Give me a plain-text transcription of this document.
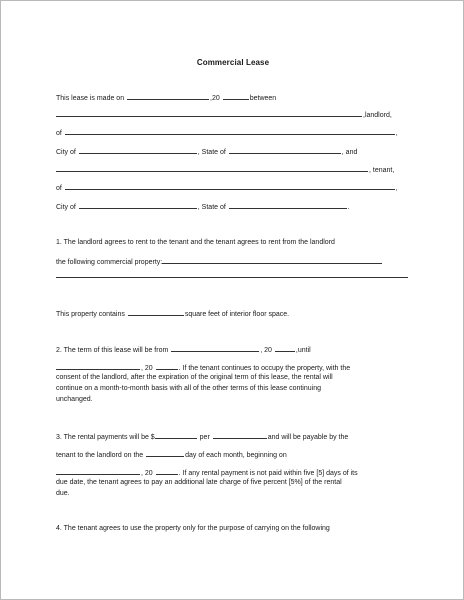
Commercial Lease
This lease is made on	,20	between
,landlord,
of	,
City of	, State of	, and
, tenant,
of	,
City of	, State of	.
1. The landlord agrees to rent to the tenant and the tenant agrees to rent from the landlord
the following commercial property:
This property contains	square feet of interior floor space.
2. The term of this lease will be from	, 20	,until
, 20	. If the tenant continues to occupy the property, with the
consent of the landlord, after the expiration of the original term of this lease, the rental will
continue on a month-to-month basis with all of the other terms of this lease continuing
unchanged.
3. The rental payments will be $	per	and will be payable by the
tenant to the landlord on the	day of each month, beginning on
, 20	. If any rental payment is not paid within five [5] days of its
due date, the tenant agrees to pay an additional late charge of five percent [5%] of the rental
due.
4. The tenant agrees to use the property only for the purpose of carrying on the following
